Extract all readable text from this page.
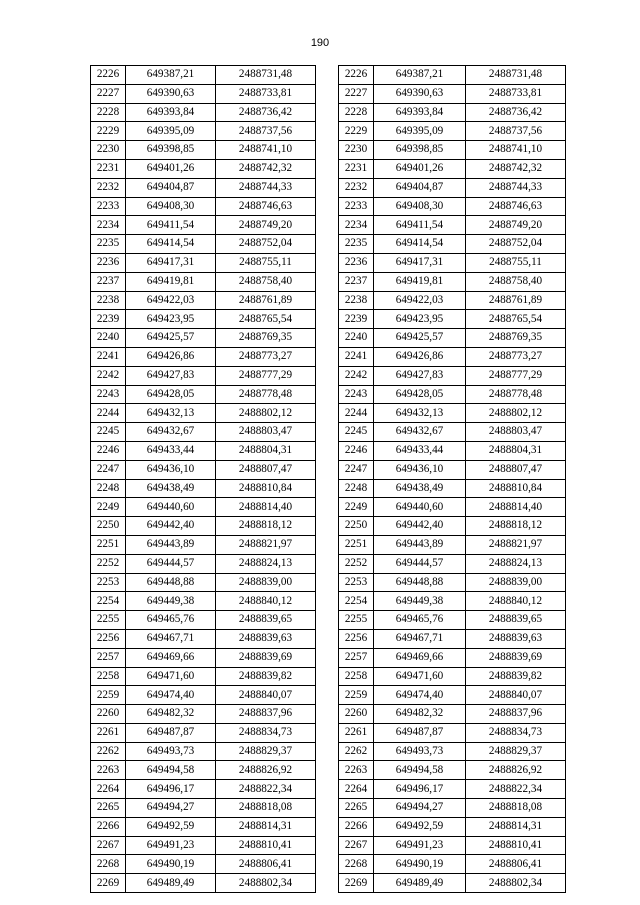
190
2226	649387,21	2488731,48
2227	649390,63	2488733,81
2228	649393,84	2488736,42
2229	649395,09	2488737,56
2230	649398,85	2488741,10
2231	649401,26	2488742,32
2232	649404,87	2488744,33
2233	649408,30	2488746,63
2234	649411,54	2488749,20
2235	649414,54	2488752,04
2236	649417,31	2488755,11
2237	649419,81	2488758,40
2238	649422,03	2488761,89
2239	649423,95	2488765,54
2240	649425,57	2488769,35
2241	649426,86	2488773,27
2242	649427,83	2488777,29
2243	649428,05	2488778,48
2244	649432,13	2488802,12
2245	649432,67	2488803,47
2246	649433,44	2488804,31
2247	649436,10	2488807,47
2248	649438,49	2488810,84
2249	649440,60	2488814,40
2250	649442,40	2488818,12
2251	649443,89	2488821,97
2252	649444,57	2488824,13
2253	649448,88	2488839,00
2254	649449,38	2488840,12
2255	649465,76	2488839,65
2256	649467,71	2488839,63
2257	649469,66	2488839,69
2258	649471,60	2488839,82
2259	649474,40	2488840,07
2260	649482,32	2488837,96
2261	649487,87	2488834,73
2262	649493,73	2488829,37
2263	649494,58	2488826,92
2264	649496,17	2488822,34
2265	649494,27	2488818,08
2266	649492,59	2488814,31
2267	649491,23	2488810,41
2268	649490,19	2488806,41
2269	649489,49	2488802,34
2226	649387,21	2488731,48
2227	649390,63	2488733,81
2228	649393,84	2488736,42
2229	649395,09	2488737,56
2230	649398,85	2488741,10
2231	649401,26	2488742,32
2232	649404,87	2488744,33
2233	649408,30	2488746,63
2234	649411,54	2488749,20
2235	649414,54	2488752,04
2236	649417,31	2488755,11
2237	649419,81	2488758,40
2238	649422,03	2488761,89
2239	649423,95	2488765,54
2240	649425,57	2488769,35
2241	649426,86	2488773,27
2242	649427,83	2488777,29
2243	649428,05	2488778,48
2244	649432,13	2488802,12
2245	649432,67	2488803,47
2246	649433,44	2488804,31
2247	649436,10	2488807,47
2248	649438,49	2488810,84
2249	649440,60	2488814,40
2250	649442,40	2488818,12
2251	649443,89	2488821,97
2252	649444,57	2488824,13
2253	649448,88	2488839,00
2254	649449,38	2488840,12
2255	649465,76	2488839,65
2256	649467,71	2488839,63
2257	649469,66	2488839,69
2258	649471,60	2488839,82
2259	649474,40	2488840,07
2260	649482,32	2488837,96
2261	649487,87	2488834,73
2262	649493,73	2488829,37
2263	649494,58	2488826,92
2264	649496,17	2488822,34
2265	649494,27	2488818,08
2266	649492,59	2488814,31
2267	649491,23	2488810,41
2268	649490,19	2488806,41
2269	649489,49	2488802,34
